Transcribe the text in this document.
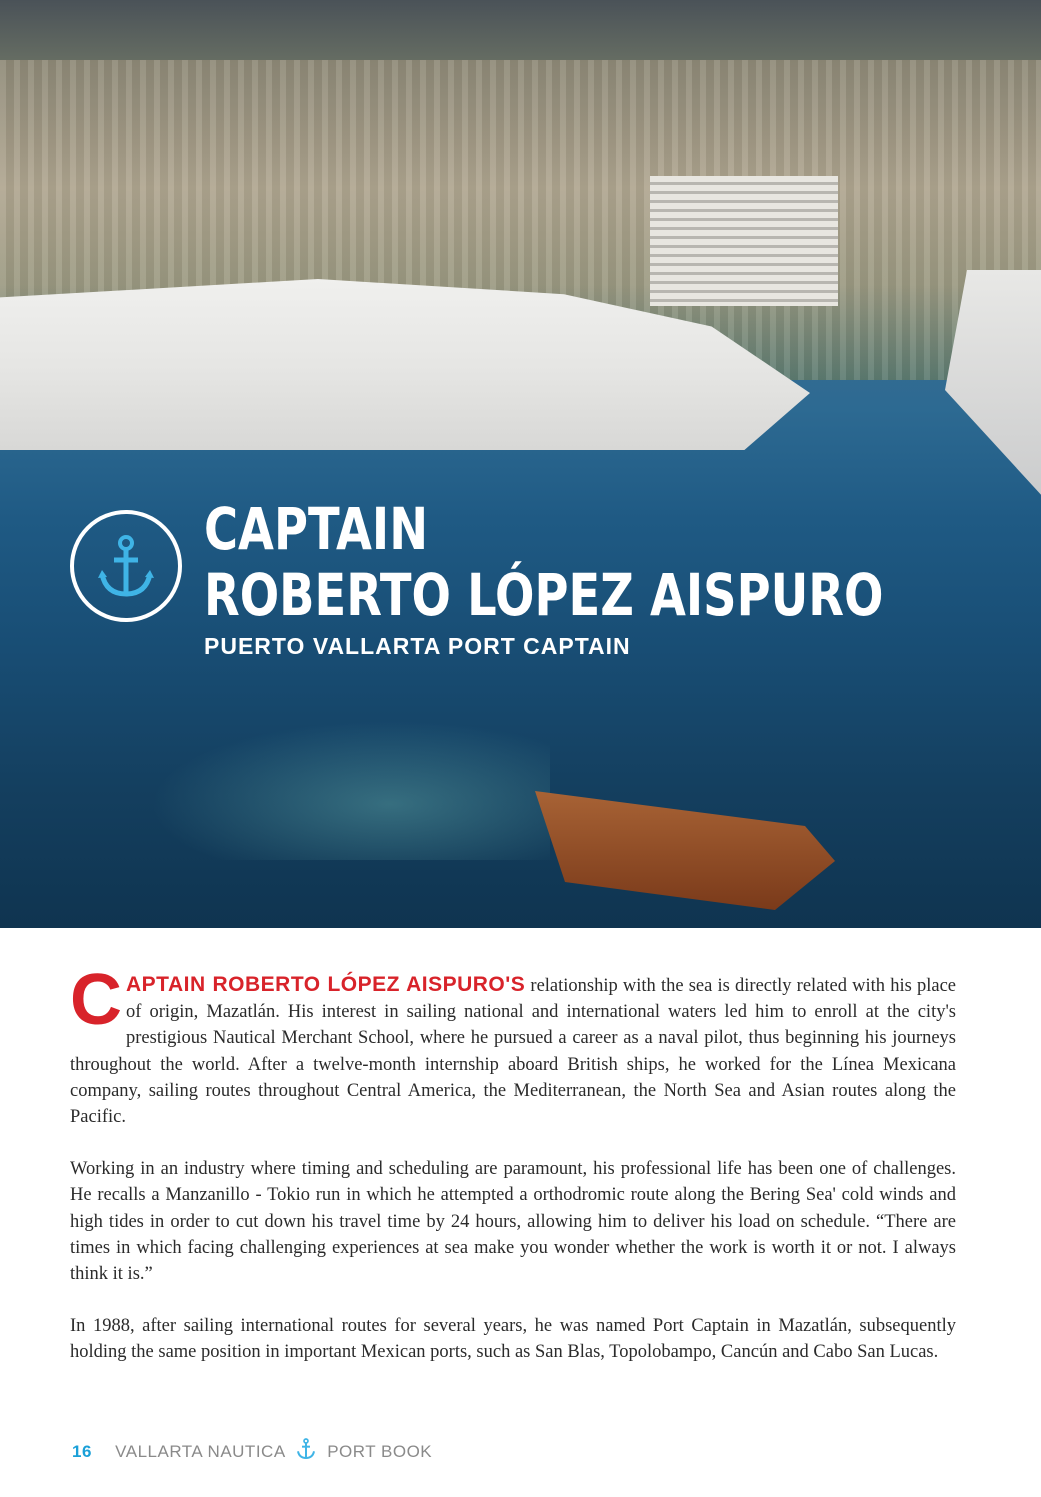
CAPTAIN
ROBERTO LÓPEZ AISPURO
PUERTO VALLARTA PORT CAPTAIN

CAPTAIN ROBERTO LÓPEZ AISPURO'S relationship with the sea is directly related with his place of origin, Mazatlán. His interest in sailing national and international waters led him to enroll at the city's prestigious Nautical Merchant School, where he pursued a career as a naval pilot, thus beginning his journeys throughout the world. After a twelve-month internship aboard British ships, he worked for the Línea Mexicana company, sailing routes throughout Central America, the Mediterranean, the North Sea and Asian routes along the Pacific.

Working in an industry where timing and scheduling are paramount, his professional life has been one of challenges. He recalls a Manzanillo - Tokio run in which he attempted a orthodromic route along the Bering Sea' cold winds and high tides in order to cut down his travel time by 24 hours, allowing him to deliver his load on schedule. “There are times in which facing challenging experiences at sea make you wonder whether the work is worth it or not. I always think it is.”

In 1988, after sailing international routes for several years, he was named Port Captain in Mazatlán, subsequently holding the same position in important Mexican ports, such as San Blas, Topolobampo, Cancún and Cabo San Lucas.

16 VALLARTA NAUTICA PORT BOOK
